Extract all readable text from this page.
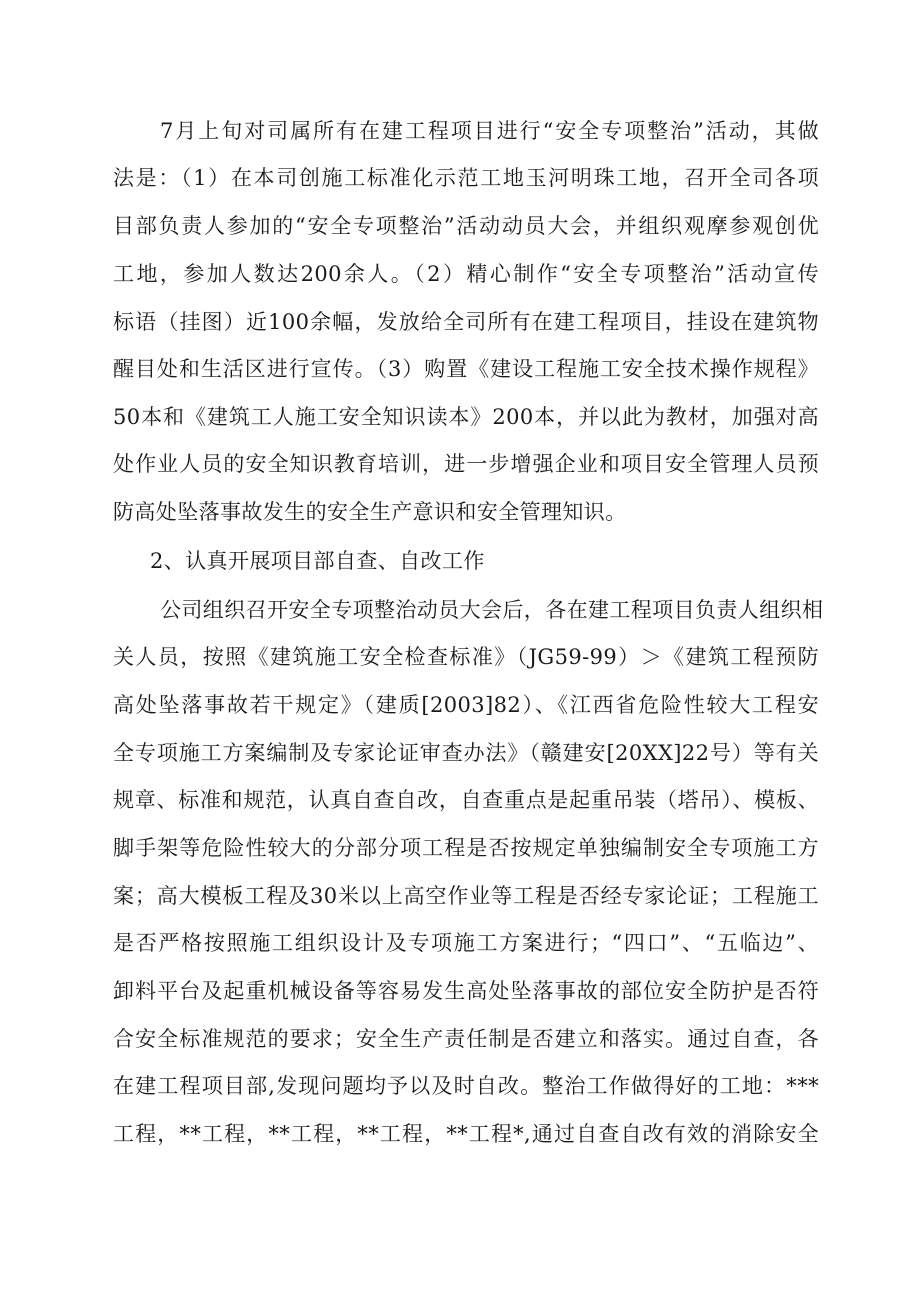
7月上旬对司属所有在建工程项目进行“安全专项整治”活动，其做
法是：（1）在本司创施工标准化示范工地玉河明珠工地，召开全司各项
目部负责人参加的“安全专项整治”活动动员大会，并组织观摩参观创优
工地，参加人数达200余人。（2）精心制作“安全专项整治”活动宣传
标语（挂图）近100余幅，发放给全司所有在建工程项目，挂设在建筑物
醒目处和生活区进行宣传。（3）购置《建设工程施工安全技术操作规程》
50本和《建筑工人施工安全知识读本》200本，并以此为教材，加强对高
处作业人员的安全知识教育培训，进一步增强企业和项目安全管理人员预
防高处坠落事故发生的安全生产意识和安全管理知识。
2、认真开展项目部自查、自改工作
公司组织召开安全专项整治动员大会后，各在建工程项目负责人组织相
关人员，按照《建筑施工安全检查标准》（JG59-99）＞《建筑工程预防
高处坠落事故若干规定》（建质[2003]82）、《江西省危险性较大工程安
全专项施工方案编制及专家论证审查办法》（赣建安[20XX]22号）等有关
规章、标准和规范，认真自查自改，自查重点是起重吊装（塔吊）、模板、
脚手架等危险性较大的分部分项工程是否按规定单独编制安全专项施工方
案；高大模板工程及30米以上高空作业等工程是否经专家论证；工程施工
是否严格按照施工组织设计及专项施工方案进行；“四口”、“五临边”、
卸料平台及起重机械设备等容易发生高处坠落事故的部位安全防护是否符
合安全标准规范的要求；安全生产责任制是否建立和落实。通过自查，各
在建工程项目部,发现问题均予以及时自改。整治工作做得好的工地：***
工程，**工程，**工程，**工程，**工程*,通过自查自改有效的消除安全
